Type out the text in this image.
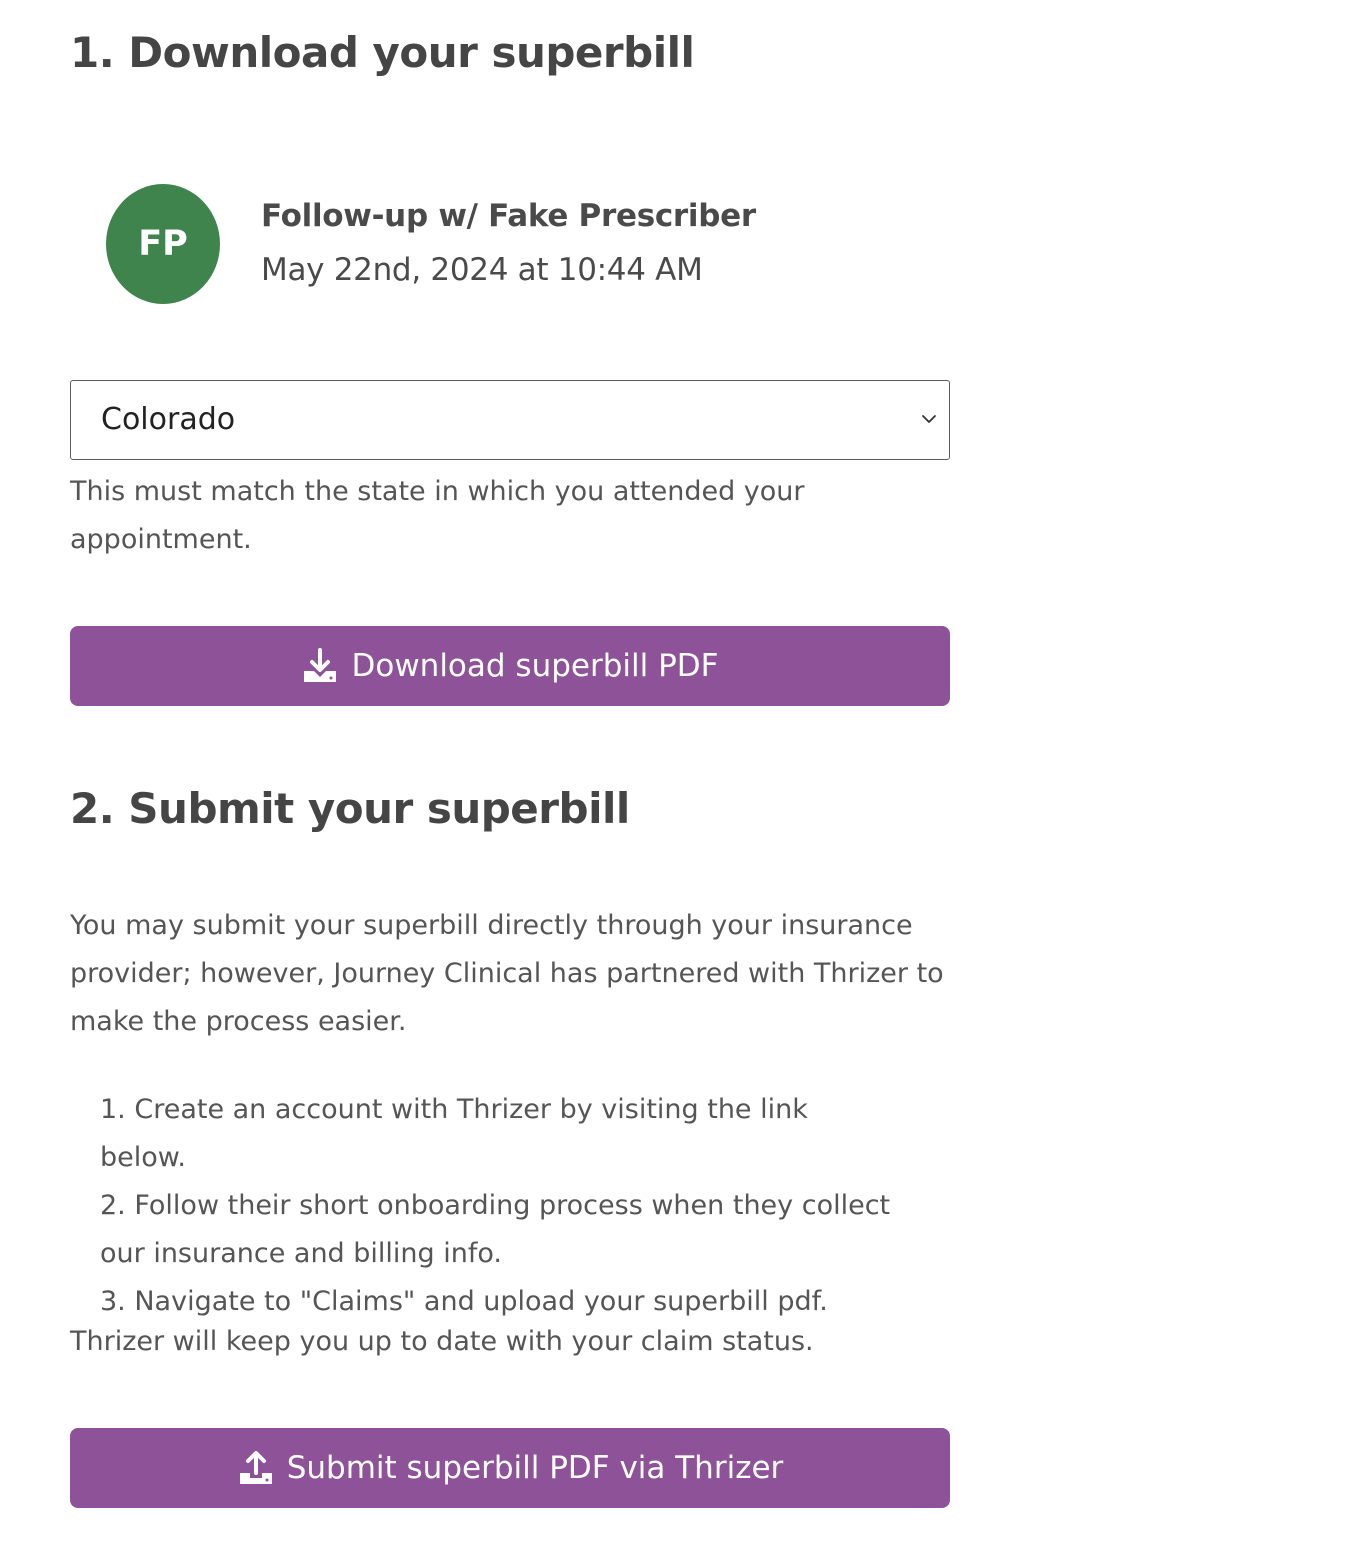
1. Download your superbill
FP
Follow-up w/ Fake Prescriber
May 22nd, 2024 at 10:44 AM
Colorado

This must match the state in which you attended your appointment.

Download superbill PDF
2. Submit your superbill

You may submit your superbill directly through your insurance provider; however, Journey Clinical has partnered with Thrizer to make the process easier.

1. Create an account with Thrizer by visiting the link below.
2. Follow their short onboarding process when they collect our insurance and billing info.
3. Navigate to "Claims" and upload your superbill pdf.

Thrizer will keep you up to date with your claim status.

Submit superbill PDF via Thrizer
